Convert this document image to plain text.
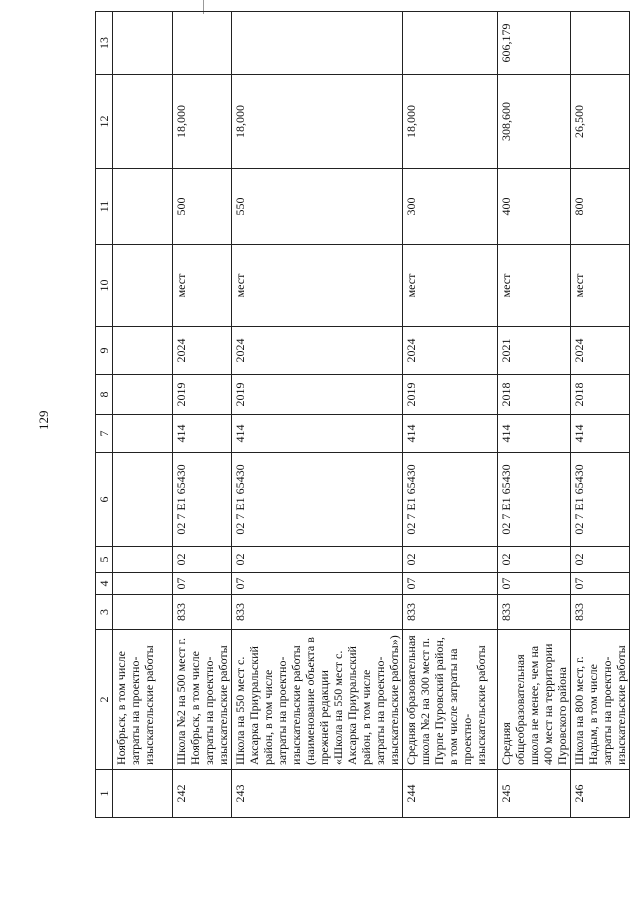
129
1	2	3	4	5	6	7	8	9	10	11	12	13
	Ноябрьск, в том числе затраты на проектно-изыскательские работы											
242	Школа №2 на 500 мест г. Ноябрьск, в том числе затраты на проектно-изыскательские работы	833	07	02	02 7 Е1 65430	414	2019	2024	мест	500	18,000	
243	Школа на 550 мест с. Аксарка Приуральский район, в том числе затраты на проектно-изыскательские работы (наименование объекта в прежней редакции «Школа на 550 мест с. Аксарка Приуральский район, в том числе затраты на проектно-изыскательские работы»)	833	07	02	02 7 Е1 65430	414	2019	2024	мест	550	18,000	
244	Средняя образовательная школа №2 на 300 мест п. Пурпе Пуровский район, в том числе затраты на проектно-изыскательские работы	833	07	02	02 7 Е1 65430	414	2019	2024	мест	300	18,000	
245	Средняя общеобразовательная школа не менее, чем на 400 мест на территории Пуровского района	833	07	02	02 7 Е1 65430	414	2018	2021	мест	400	308,600	606,179
246	Школа на 800 мест, г. Надым, в том числе затраты на проектно-изыскательские работы	833	07	02	02 7 Е1 65430	414	2018	2024	мест	800	26,500	
